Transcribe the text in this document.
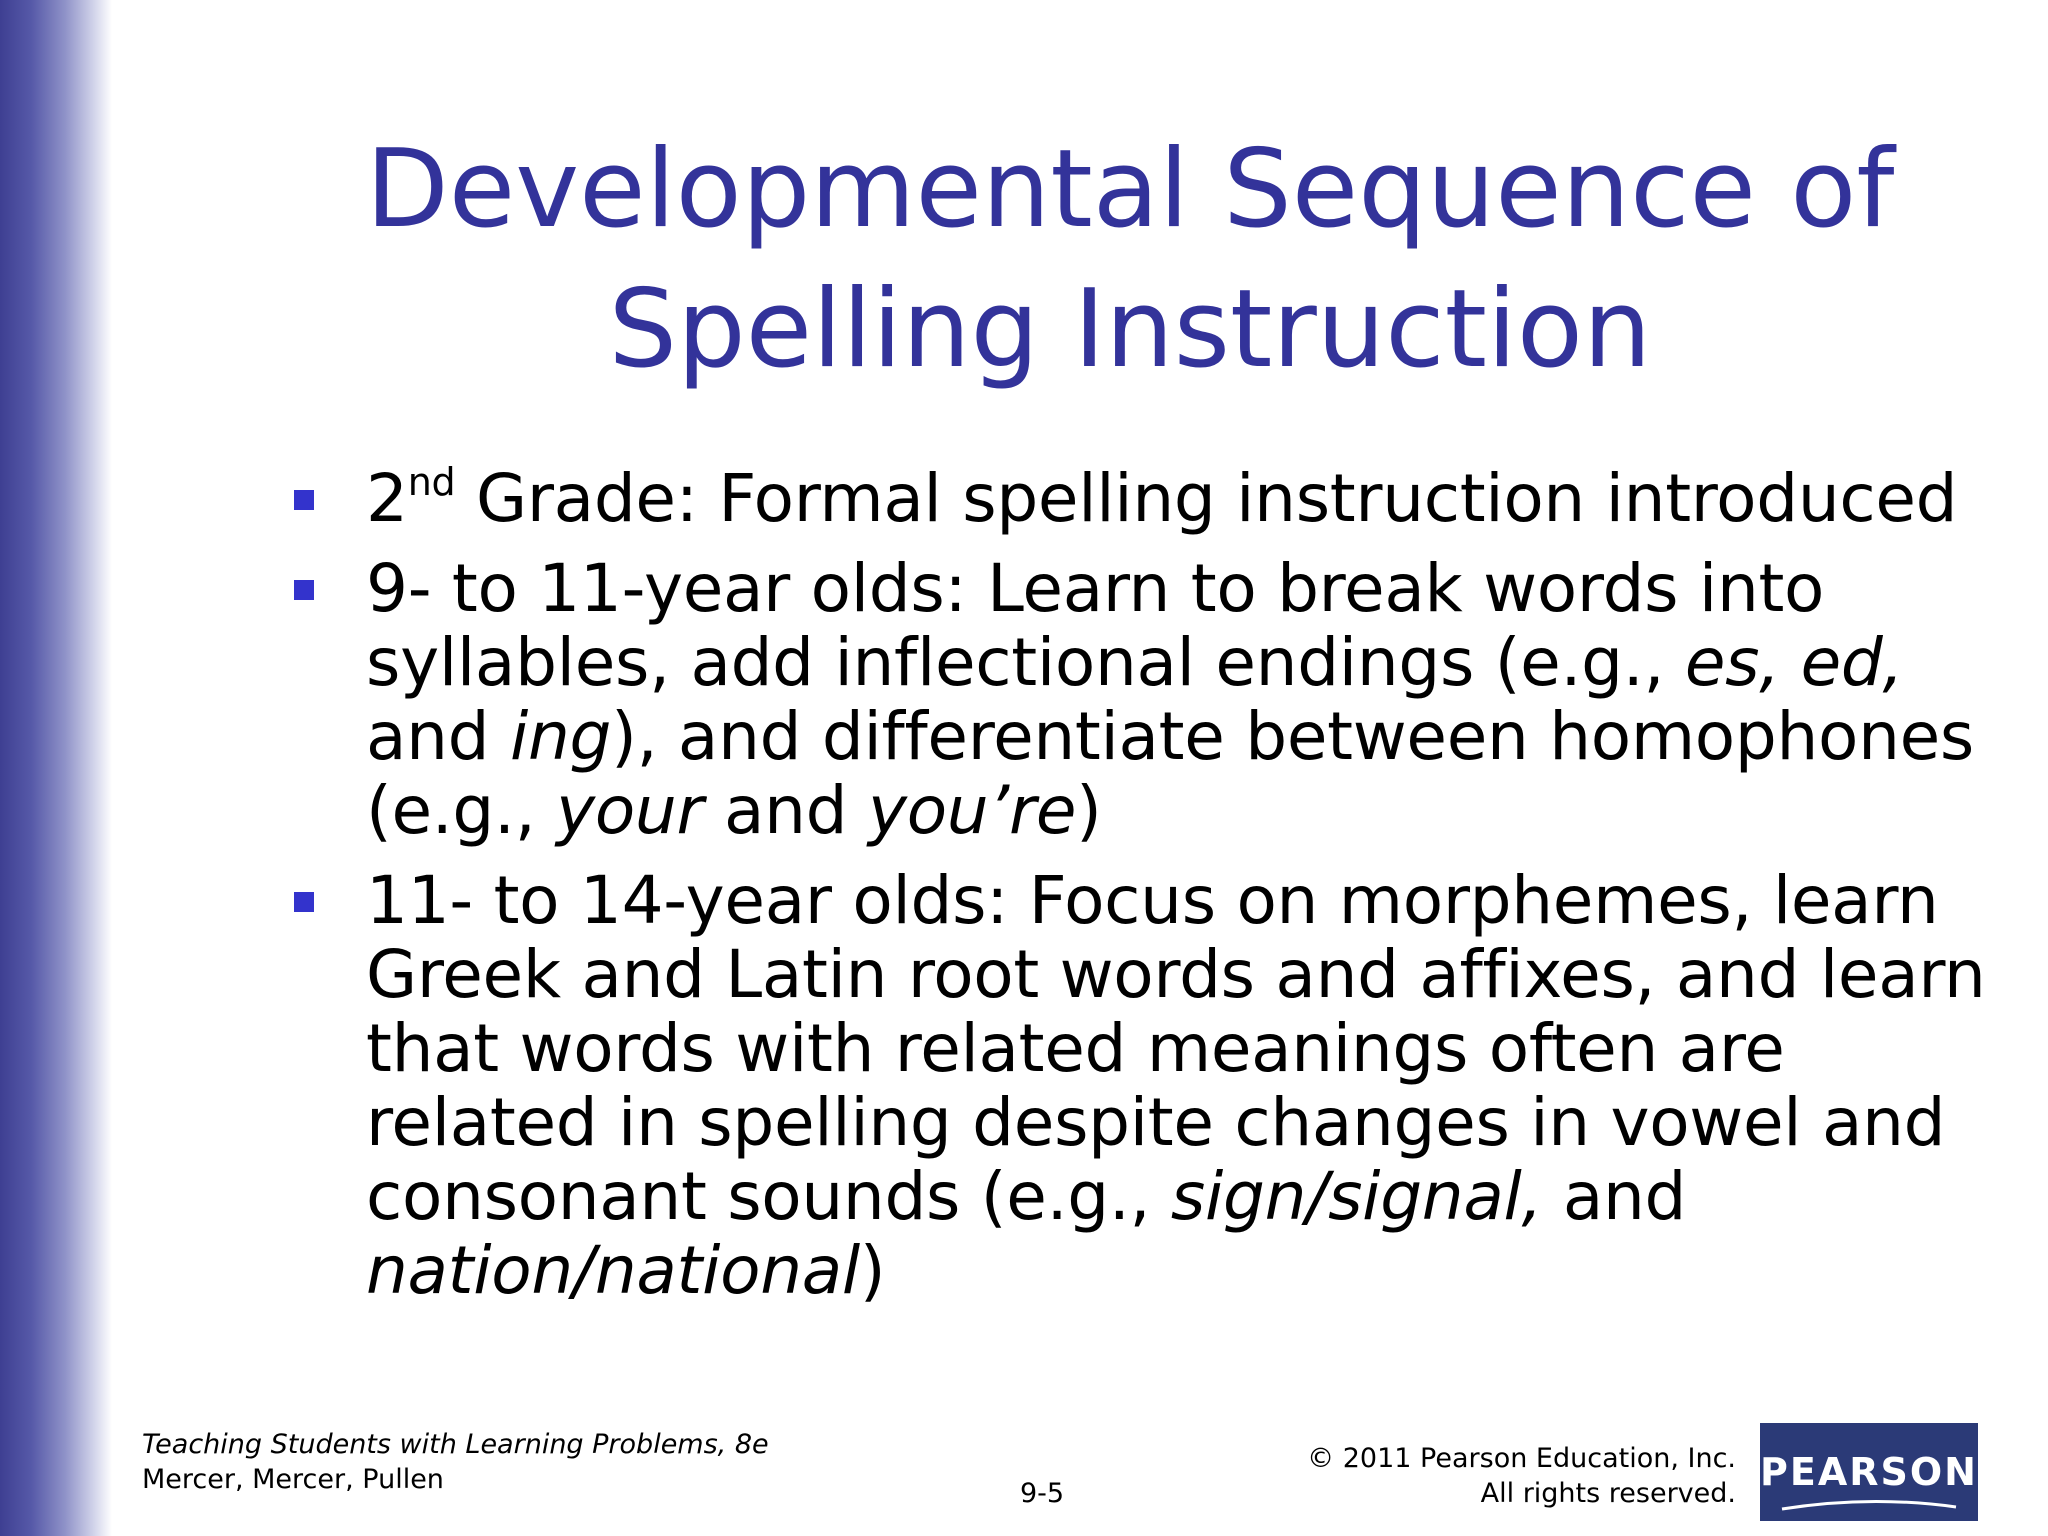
Developmental Sequence of
Spelling Instruction
2nd Grade: Formal spelling instruction introduced
9- to 11-year olds: Learn to break words into syllables, add inflectional endings (e.g., es, ed, and ing), and differentiate between homophones (e.g., your and you’re)
11- to 14-year olds: Focus on morphemes, learn Greek and Latin root words and affixes, and learn that words with related meanings often are related in spelling despite changes in vowel and consonant sounds (e.g., sign/signal, and nation/national)
Teaching Students with Learning Problems, 8e
Mercer, Mercer, Pullen	9-5
© 2011 Pearson Education, Inc.
All rights reserved. PEARSON
